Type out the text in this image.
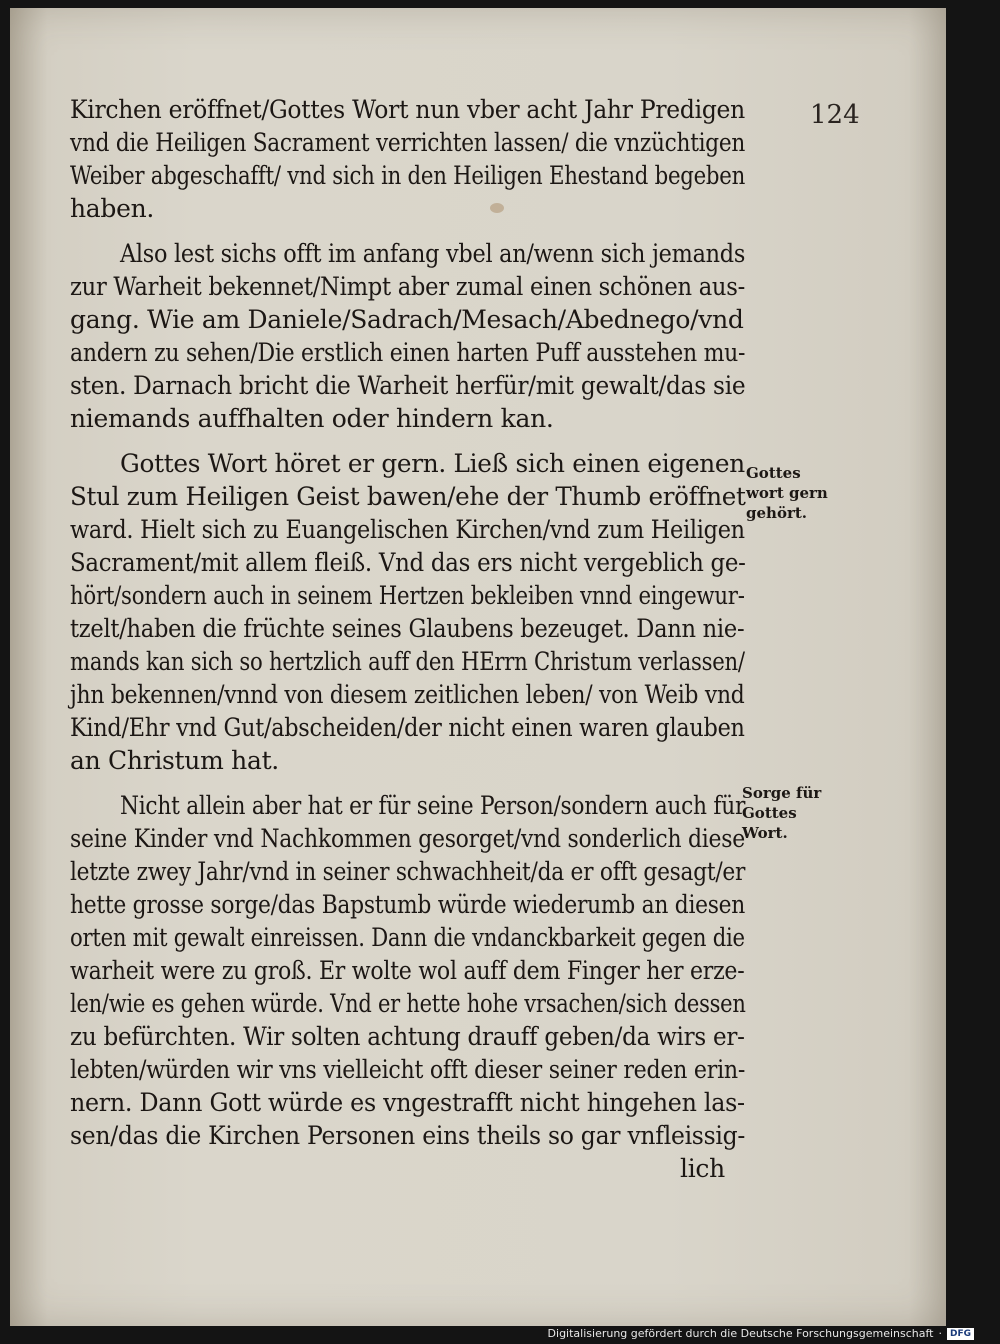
124
Kirchen eröffnet/Gottes Wort nun vber acht Jahr Predigen
vnd die Heiligen Sacrament verrichten lassen/ die vnzüchtigen
Weiber abgeschafft/ vnd sich in den Heiligen Ehestand begeben
haben.
Also lest sichs offt im anfang vbel an/wenn sich jemands
zur Warheit bekennet/Nimpt aber zumal einen schönen aus-
gang. Wie am Daniele/Sadrach/Mesach/Abednego/vnd
andern zu sehen/Die erstlich einen harten Puff ausstehen mu-
sten. Darnach bricht die Warheit herfür/mit gewalt/das sie
niemands auffhalten oder hindern kan.
Gottes Wort höret er gern. Ließ sich einen eigenen
Stul zum Heiligen Geist bawen/ehe der Thumb eröffnet
ward. Hielt sich zu Euangelischen Kirchen/vnd zum Heiligen
Sacrament/mit allem fleiß. Vnd das ers nicht vergeblich ge-
hört/sondern auch in seinem Hertzen bekleiben vnnd eingewur-
tzelt/haben die früchte seines Glaubens bezeuget. Dann nie-
mands kan sich so hertzlich auff den HErrn Christum verlassen/
jhn bekennen/vnnd von diesem zeitlichen leben/ von Weib vnd
Kind/Ehr vnd Gut/abscheiden/der nicht einen waren glauben
an Christum hat.
Nicht allein aber hat er für seine Person/sondern auch für
seine Kinder vnd Nachkommen gesorget/vnd sonderlich diese
letzte zwey Jahr/vnd in seiner schwachheit/da er offt gesagt/er
hette grosse sorge/das Bapstumb würde wiederumb an diesen
orten mit gewalt einreissen. Dann die vndanckbarkeit gegen die
warheit were zu groß. Er wolte wol auff dem Finger her erze-
len/wie es gehen würde. Vnd er hette hohe vrsachen/sich dessen
zu befürchten. Wir solten achtung drauff geben/da wirs er-
lebten/würden wir vns vielleicht offt dieser seiner reden erin-
nern. Dann Gott würde es vngestrafft nicht hingehen las-
sen/das die Kirchen Personen eins theils so gar vnfleissig-
lich
Gottes
wort gern
gehört.
Sorge für
Gottes
Wort.
Digitalisierung gefördert durch die Deutsche Forschungsgemeinschaft · DFG
